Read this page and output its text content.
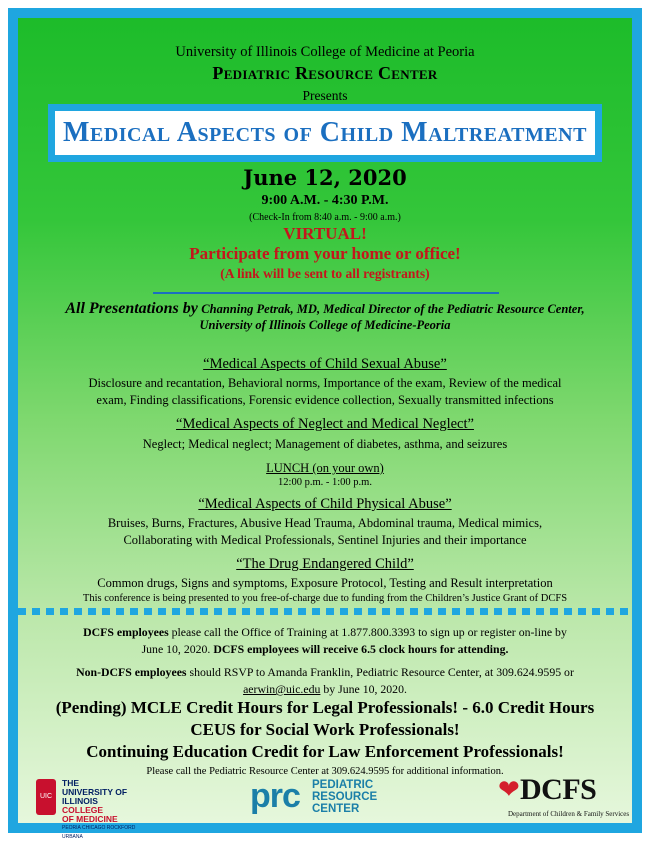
University of Illinois College of Medicine at Peoria
Pediatric Resource Center
Presents
Medical Aspects of Child Maltreatment
June 12, 2020
9:00 A.M. - 4:30 P.M.
(Check-In from 8:40 a.m. - 9:00 a.m.)
VIRTUAL!
Participate from your home or office!
(A link will be sent to all registrants)
All Presentations by Channing Petrak, MD, Medical Director of the Pediatric Resource Center,
University of Illinois College of Medicine-Peoria
“Medical Aspects of Child Sexual Abuse”
Disclosure and recantation, Behavioral norms, Importance of the exam, Review of the medical
exam, Finding classifications, Forensic evidence collection, Sexually transmitted infections
“Medical Aspects of Neglect and Medical Neglect”
Neglect; Medical neglect; Management of diabetes, asthma, and seizures
LUNCH (on your own)
12:00 p.m. - 1:00 p.m.
“Medical Aspects of Child Physical Abuse”
Bruises, Burns, Fractures, Abusive Head Trauma, Abdominal trauma, Medical mimics,
Collaborating with Medical Professionals, Sentinel Injuries and their importance
“The Drug Endangered Child”
Common drugs, Signs and symptoms, Exposure Protocol, Testing and Result interpretation
This conference is being presented to you free-of-charge due to funding from the Children’s Justice Grant of DCFS
DCFS employees please call the Office of Training at 1.877.800.3393 to sign up or register on-line by
June 10, 2020. DCFS employees will receive 6.5 clock hours for attending.
Non-DCFS employees should RSVP to Amanda Franklin, Pediatric Resource Center, at 309.624.9595 or
aerwin@uic.edu by June 10, 2020.
(Pending) MCLE Credit Hours for Legal Professionals! - 6.0 Credit Hours
CEUS for Social Work Professionals!
Continuing Education Credit for Law Enforcement Professionals!
Please call the Pediatric Resource Center at 309.624.9595 for additional information.
UIC
THE
UNIVERSITY OF
ILLINOIS
COLLEGE
OF MEDICINE
PEORIA CHICAGO ROCKFORD URBANA
prc PEDIATRIC
RESOURCE
CENTER
❤ DCFS
Department of Children & Family Services
